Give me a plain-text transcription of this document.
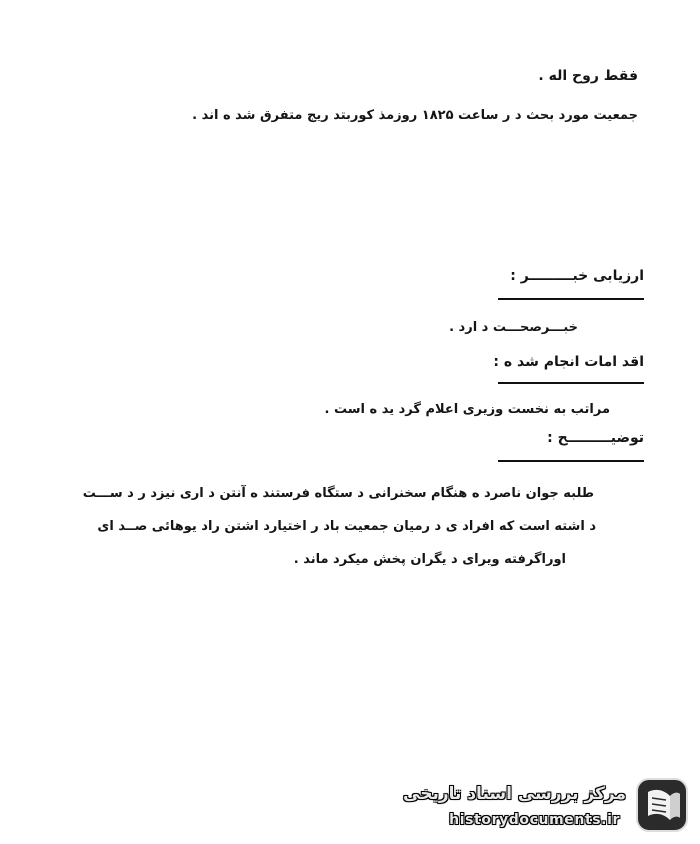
فقط روح اله .
جمعیت مورد بحث د ر ساعت ۱۸۲۵ روزمذ کوربتد ریج متفرق شد ه اند .
ارزیابی خبـــــــــر :
خبـــرصحـــت د ارد .
اقد امات انجام شد ه :
مراتب به نخست وزیری اعلام گرد ید ه است .
توضیـــــــــح :
طلبه جوان ناصرد ه هنگام سخنرانی د ستگاه فرستند ه آنتن د اری نیزد ر د ســـت
د اشته است که افراد ی د رمیان جمعیت باد ر اختیارد اشتن راد یوهائی صــد ای
اوراگرفته ویرای د یگران پخش میکرد ماند .
مرکز بررسی اسناد تاریخی
historydocuments.ir
